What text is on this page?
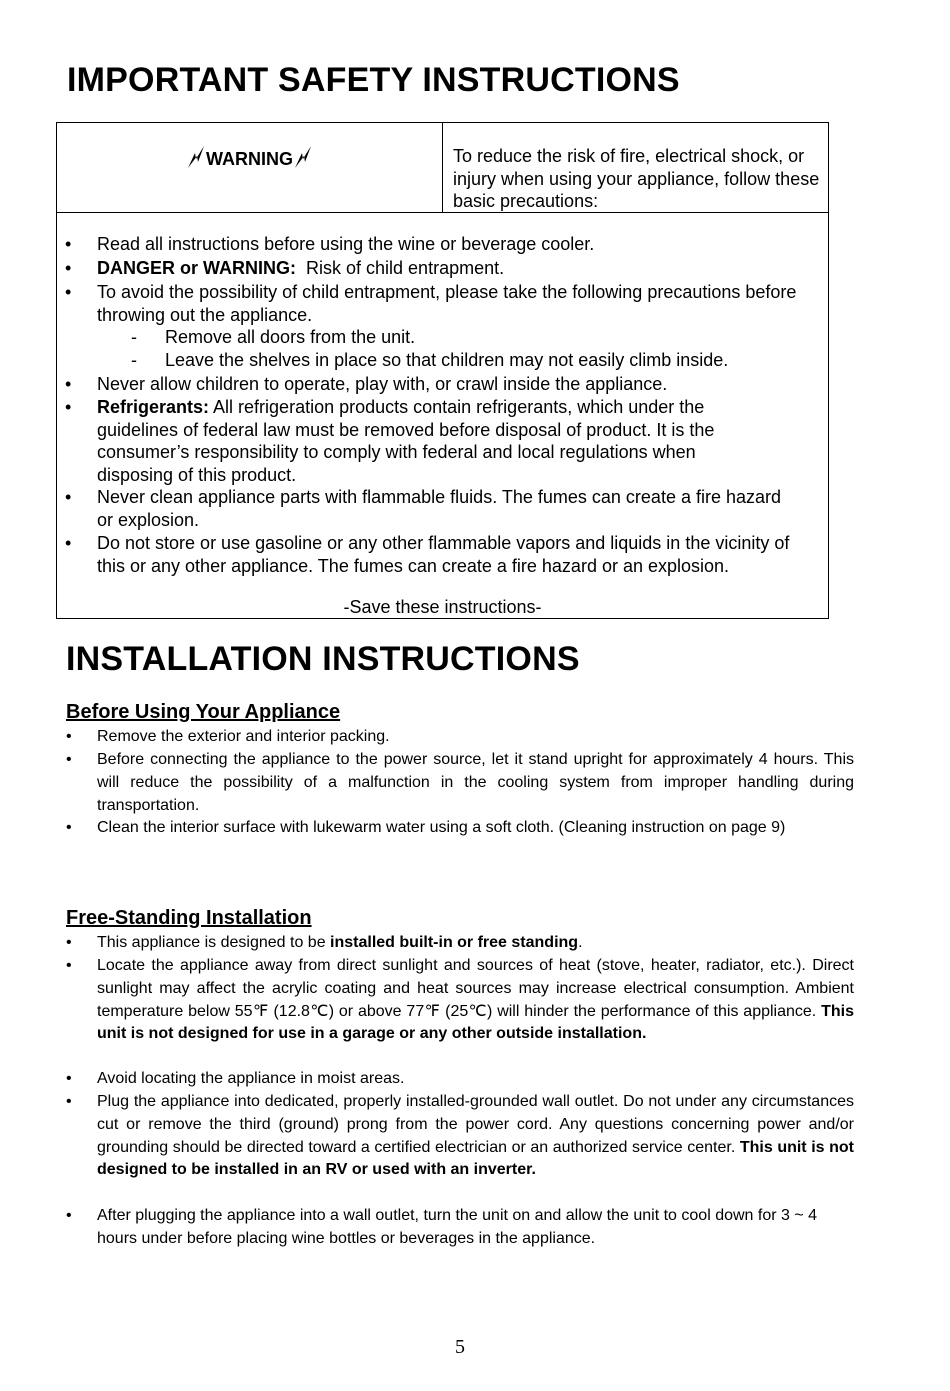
IMPORTANT SAFETY INSTRUCTIONS
WARNING	To reduce the risk of fire, electrical shock, or injury when using your appliance, follow these basic precautions:
• Read all instructions before using the wine or beverage cooler.
• DANGER or WARNING: Risk of child entrapment.
• To avoid the possibility of child entrapment, please take the following precautions before throwing out the appliance.
- Remove all doors from the unit.
- Leave the shelves in place so that children may not easily climb inside.
• Never allow children to operate, play with, or crawl inside the appliance.
• Refrigerants: All refrigeration products contain refrigerants, which under the guidelines of federal law must be removed before disposal of product. It is the consumer’s responsibility to comply with federal and local regulations when disposing of this product.
• Never clean appliance parts with flammable fluids. The fumes can create a fire hazard or explosion.
• Do not store or use gasoline or any other flammable vapors and liquids in the vicinity of this or any other appliance. The fumes can create a fire hazard or an explosion.
-Save these instructions-
INSTALLATION INSTRUCTIONS
Before Using Your Appliance
• Remove the exterior and interior packing.
• Before connecting the appliance to the power source, let it stand upright for approximately 4 hours. This will reduce the possibility of a malfunction in the cooling system from improper handling during transportation.
• Clean the interior surface with lukewarm water using a soft cloth. (Cleaning instruction on page 9)
Free-Standing Installation
• This appliance is designed to be installed built-in or free standing.
• Locate the appliance away from direct sunlight and sources of heat (stove, heater, radiator, etc.). Direct sunlight may affect the acrylic coating and heat sources may increase electrical consumption. Ambient temperature below 55℉ (12.8℃) or above 77℉ (25℃) will hinder the performance of this appliance. This unit is not designed for use in a garage or any other outside installation.
• Avoid locating the appliance in moist areas.
• Plug the appliance into dedicated, properly installed-grounded wall outlet. Do not under any circumstances cut or remove the third (ground) prong from the power cord. Any questions concerning power and/or grounding should be directed toward a certified electrician or an authorized service center. This unit is not designed to be installed in an RV or used with an inverter.
• After plugging the appliance into a wall outlet, turn the unit on and allow the unit to cool down for 3 ~ 4 hours under before placing wine bottles or beverages in the appliance.
5
